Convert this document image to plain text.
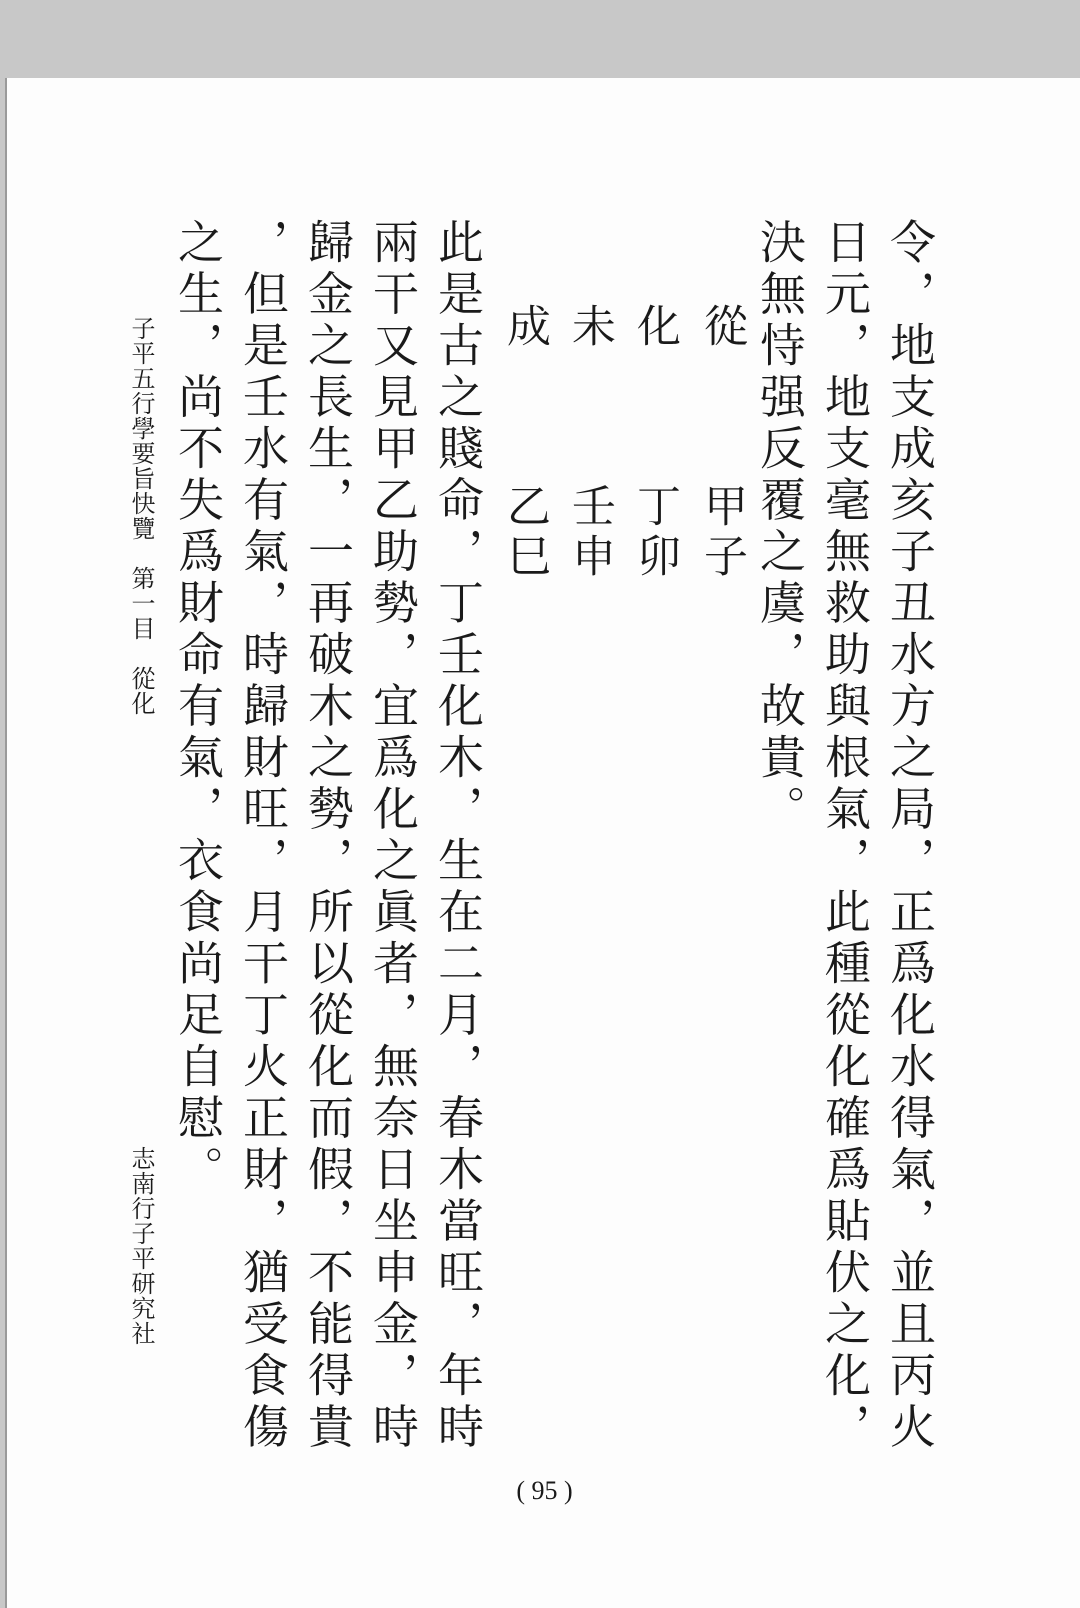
令，地支成亥子丑水方之局，正爲化水得氣，並且丙火
日元，地支毫無救助與根氣，此種從化確爲貼伏之化，
決無恃强反覆之虞，故貴。
從
甲子
化
丁卯
未
壬申
成
乙巳
此是古之賤命，丁壬化木，生在二月，春木當旺，年時
兩干又見甲乙助勢，宜爲化之眞者，無奈日坐申金，時
歸金之長生，一再破木之勢，所以從化而假，不能得貴
，但是壬水有氣，時歸財旺，月干丁火正財，猶受食傷
之生，尚不失爲財命有氣，衣食尚足自慰。
子平五行學要旨快覽　第一目　從化
志南行子平研究社
( 95 )
